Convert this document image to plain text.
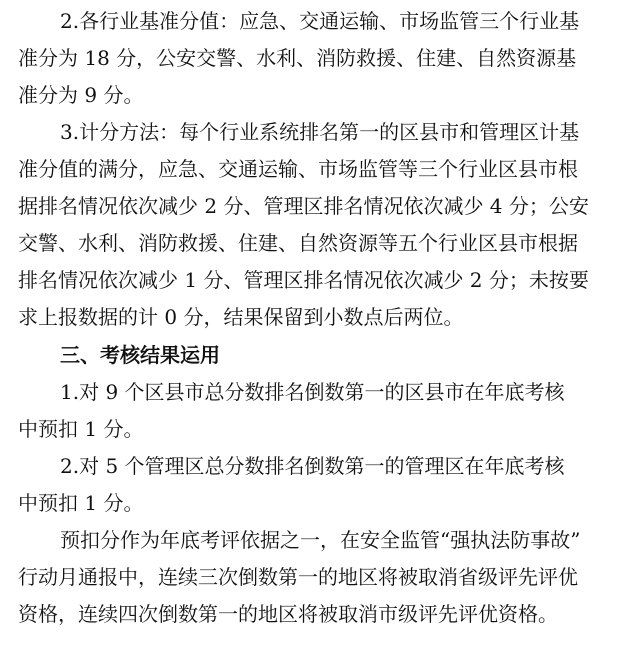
2.各行业基准分值：应急、交通运输、市场监管三个行业基
准分为 18 分，公安交警、水利、消防救援、住建、自然资源基
准分为 9 分。
3.计分方法：每个行业系统排名第一的区县市和管理区计基
准分值的满分，应急、交通运输、市场监管等三个行业区县市根
据排名情况依次减少 2 分、管理区排名情况依次减少 4 分；公安
交警、水利、消防救援、住建、自然资源等五个行业区县市根据
排名情况依次减少 1 分、管理区排名情况依次减少 2 分；未按要
求上报数据的计 0 分，结果保留到小数点后两位。
三、考核结果运用
1.对 9 个区县市总分数排名倒数第一的区县市在年底考核
中预扣 1 分。
2.对 5 个管理区总分数排名倒数第一的管理区在年底考核
中预扣 1 分。
预扣分作为年底考评依据之一，在安全监管“强执法防事故”
行动月通报中，连续三次倒数第一的地区将被取消省级评先评优
资格，连续四次倒数第一的地区将被取消市级评先评优资格。
